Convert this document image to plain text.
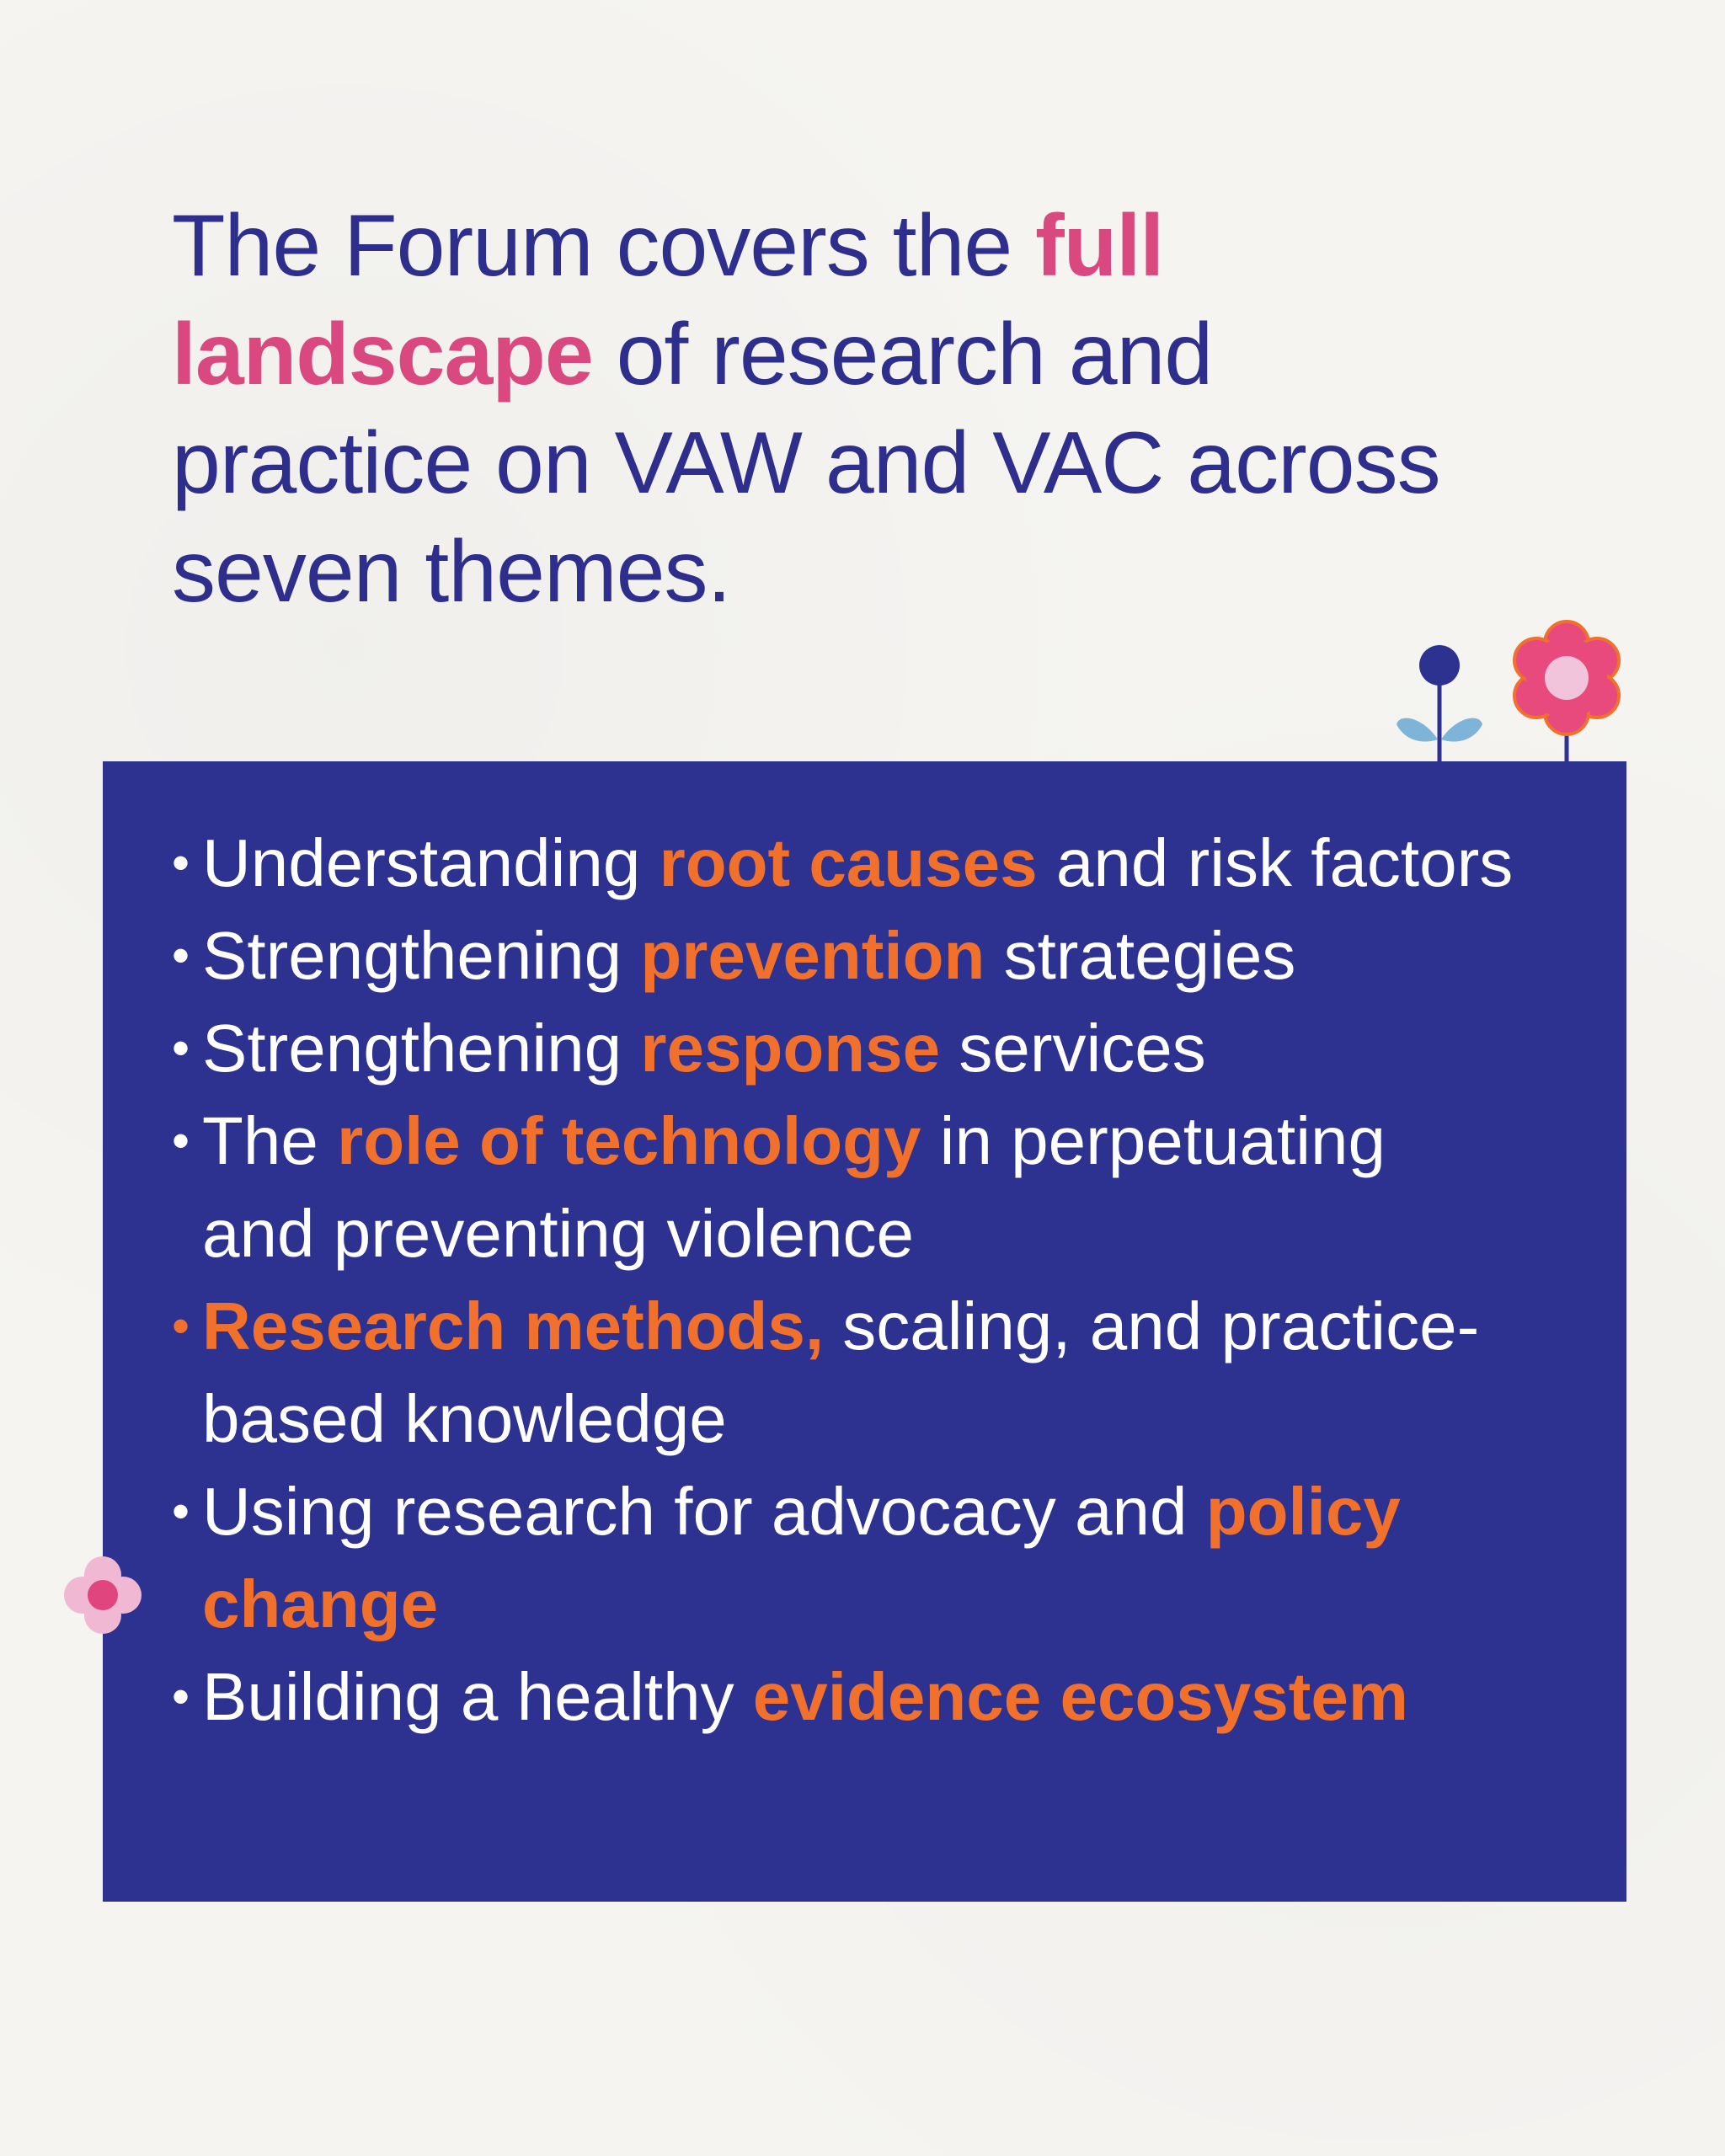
The Forum covers the full landscape of research and practice on VAW and VAC across seven themes.
• Understanding root causes and risk factors
• Strengthening prevention strategies
• Strengthening response services
• The role of technology in perpetuating and preventing violence
• Research methods, scaling, and practice-based knowledge
• Using research for advocacy and policy change
• Building a healthy evidence ecosystem
